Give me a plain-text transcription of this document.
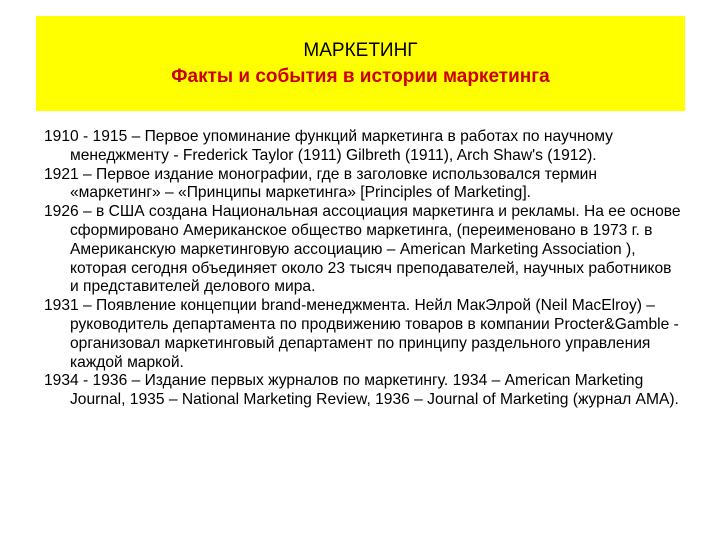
МАРКЕТИНГ
Факты и события в истории маркетинга

1910 - 1915 – Первое упоминание функций маркетинга в работах по научному менеджменту - Frederick Taylor (1911) Gilbreth (1911), Arch Shaw's (1912).

1921 – Первое издание монографии, где в заголовке использовался термин «маркетинг» – «Принципы маркетинга» [Principles of Marketing].

1926 – в США создана Национальная ассоциация маркетинга и рекламы. На ее основе сформировано Американское общество маркетинга, (переименовано в 1973 г. в Американскую маркетинговую ассоциацию – American Marketing Association ), которая сегодня объединяет около 23 тысяч преподавателей, научных работников и представителей делового мира.

1931 – Появление концепции brand-менеджмента. Нейл МакЭлрой (Neil MacElroy) – руководитель департамента по продвижению товаров в компании Procter&Gamble - организовал маркетинговый департамент по принципу раздельного управления каждой маркой.

1934 - 1936 – Издание первых журналов по маркетингу. 1934 – American Marketing Journal, 1935 – National Marketing Review, 1936 – Journal of Marketing (журнал АМА).
